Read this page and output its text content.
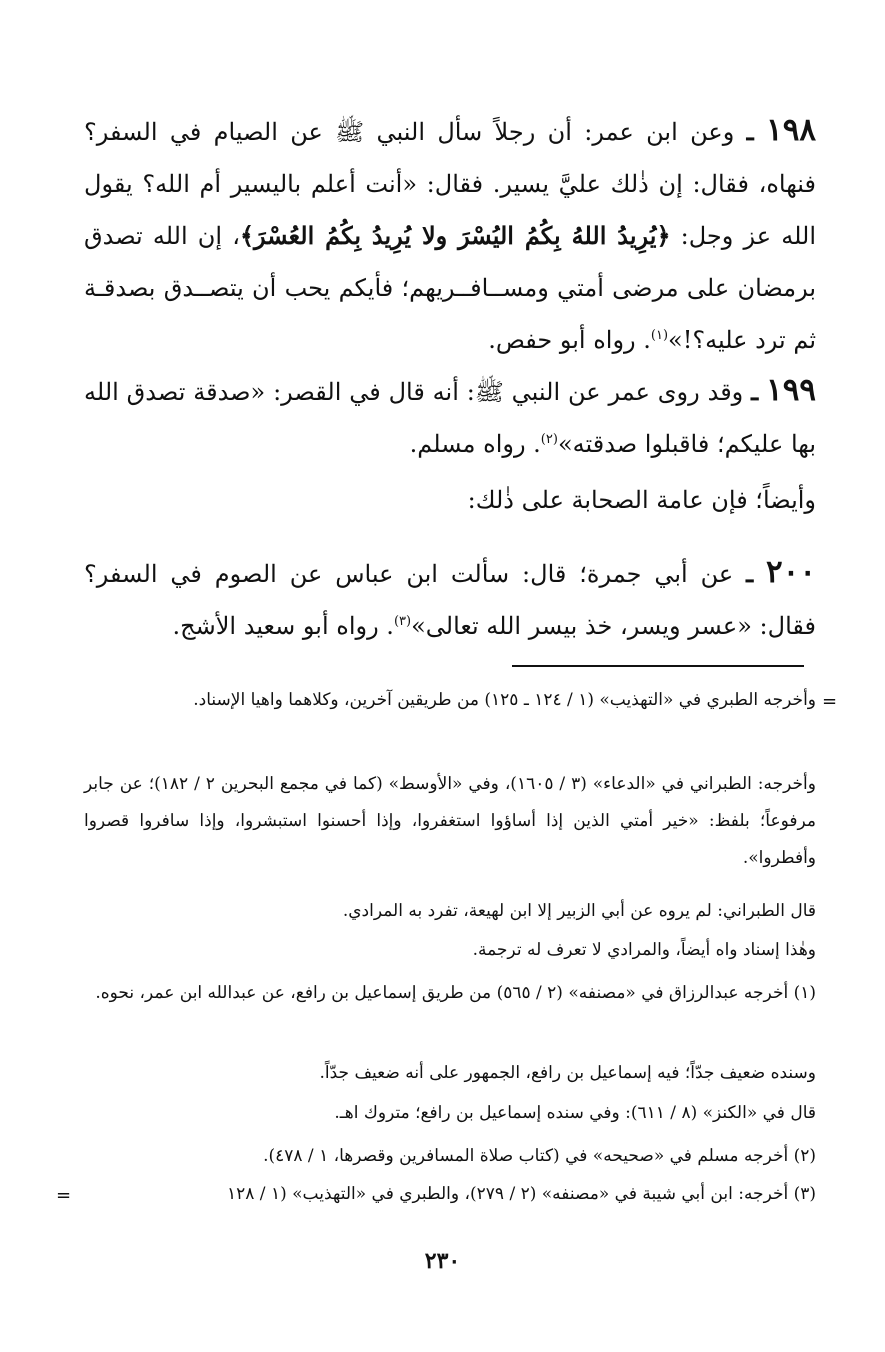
١٩٨ ـ وعن ابن عمر: أن رجلاً سأل النبي ﷺ عن الصيام في السفر؟ فنهاه، فقال: إن ذٰلك عليَّ يسير. فقال: «أنت أعلم باليسير أم الله؟ يقول الله عز وجل: ﴿يُرِيدُ اللهُ بِكُمُ اليُسْرَ ولا يُرِيدُ بِكُمُ العُسْرَ﴾، إن الله تصدق برمضان على مرضى أمتي ومســافــريهم؛ فأيكم يحب أن يتصــدق بصدقـة ثم ترد عليه؟!»$^{(١)}$. رواه أبو حفص.

١٩٩ ـ وقد روى عمر عن النبي ﷺ: أنه قال في القصر: «صدقة تصدق الله بها عليكم؛ فاقبلوا صدقته»$^{(٢)}$. رواه مسلم.

وأيضاً؛ فإن عامة الصحابة على ذٰلك:

٢٠٠ ـ عن أبي جمرة؛ قال: سألت ابن عباس عن الصوم في السفر؟ فقال: «عسر ويسر، خذ بيسر الله تعالى»$^{(٣)}$. رواه أبو سعيد الأشج.

=

وأخرجه الطبري في «التهذيب» (١ / ١٢٤ ـ ١٢٥) من طريقين آخرين، وكلاهما واهيا الإسناد.

وأخرجه: الطبراني في «الدعاء» (٣ / ١٦٠٥)، وفي «الأوسط» (كما في مجمع البحرين ٢ / ١٨٢)؛ عن جابر مرفوعاً؛ بلفظ: «خير أمتي الذين إذا أساؤوا استغفروا، وإذا أحسنوا استبشروا، وإذا سافروا قصروا وأفطروا».

قال الطبراني: لم يروه عن أبي الزبير إلا ابن لهيعة، تفرد به المرادي.

وهٰذا إسناد واه أيضاً، والمرادي لا تعرف له ترجمة.

(١) أخرجه عبدالرزاق في «مصنفه» (٢ / ٥٦٥) من طريق إسماعيل بن رافع، عن عبدالله ابن عمر، نحوه.

وسنده ضعيف جدّاً؛ فيه إسماعيل بن رافع، الجمهور على أنه ضعيف جدّاً.

قال في «الكنز» (٨ / ٦١١): وفي سنده إسماعيل بن رافع؛ متروك اهـ.

(٢) أخرجه مسلم في «صحيحه» في (كتاب صلاة المسافرين وقصرها، ١ / ٤٧٨).

(٣) أخرجه: ابن أبي شيبة في «مصنفه» (٢ / ٢٧٩)، والطبري في «التهذيب» (١ / ١٢٨

=
٢٣٠
